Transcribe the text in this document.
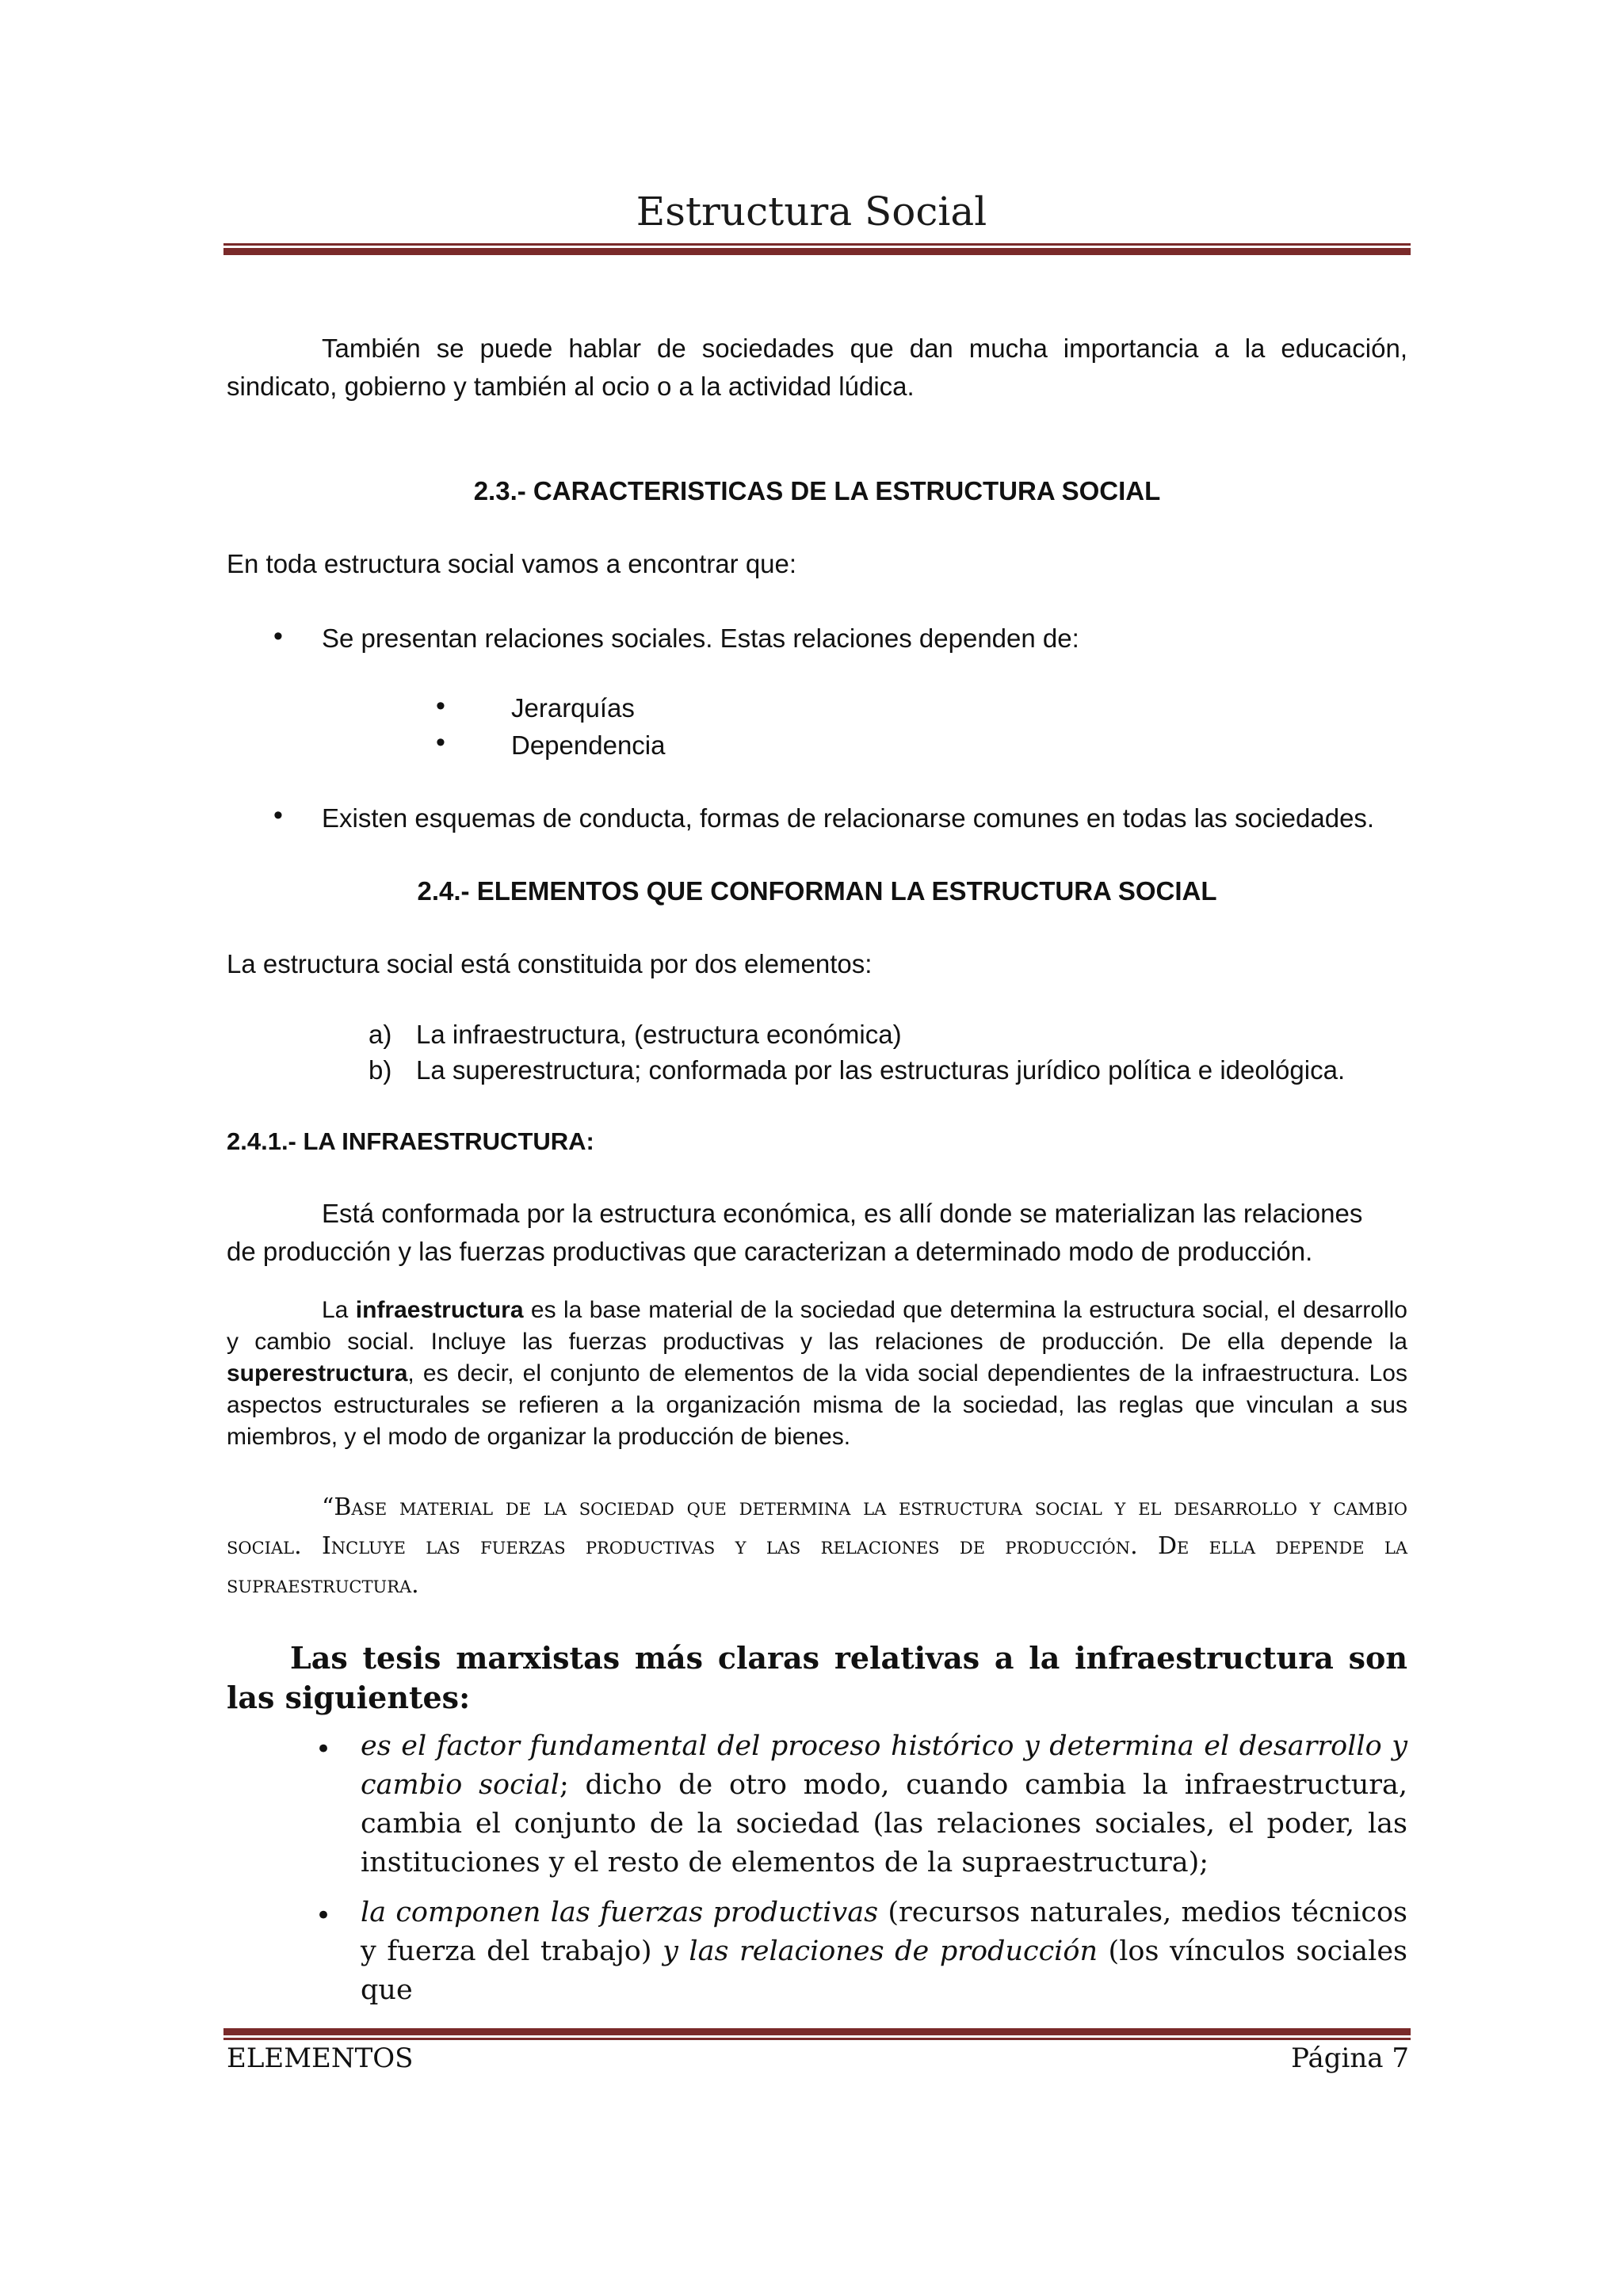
Estructura Social
También se puede hablar de sociedades que dan mucha importancia a la educación, sindicato, gobierno y también al ocio o a la actividad lúdica.
2.3.- CARACTERISTICAS DE LA ESTRUCTURA SOCIAL
En toda estructura social vamos a encontrar que:
• Se presentan relaciones sociales. Estas relaciones dependen de:
•	Jerarquías
•	Dependencia
• Existen esquemas de conducta, formas de relacionarse comunes en todas las sociedades.
2.4.- ELEMENTOS QUE CONFORMAN LA ESTRUCTURA SOCIAL
La estructura social está constituida por dos elementos:
a) La infraestructura, (estructura económica)
b) La superestructura; conformada por las estructuras jurídico política e ideológica.
2.4.1.- LA INFRAESTRUCTURA:
Está conformada por la estructura económica, es allí donde se materializan las relaciones de producción y las fuerzas productivas que caracterizan a determinado modo de producción.
La infraestructura es la base material de la sociedad que determina la estructura social, el desarrollo y cambio social. Incluye las fuerzas productivas y las relaciones de producción. De ella depende la superestructura, es decir, el conjunto de elementos de la vida social dependientes de la infraestructura. Los aspectos estructurales se refieren a la organización misma de la sociedad, las reglas que vinculan a sus miembros, y el modo de organizar la producción de bienes.
“Base material de la sociedad que determina la estructura social y el desarrollo y cambio social. Incluye las fuerzas productivas y las relaciones de producción. De ella depende la supraestructura.
Las tesis marxistas más claras relativas a la infraestructura son las siguientes:
• es el factor fundamental del proceso histórico y determina el desarrollo y cambio social; dicho de otro modo, cuando cambia la infraestructura, cambia el conjunto de la sociedad (las relaciones sociales, el poder, las instituciones y el resto de elementos de la supraestructura);
• la componen las fuerzas productivas (recursos naturales, medios técnicos y fuerza del trabajo) y las relaciones de producción (los vínculos sociales que
ELEMENTOS	Página 7
